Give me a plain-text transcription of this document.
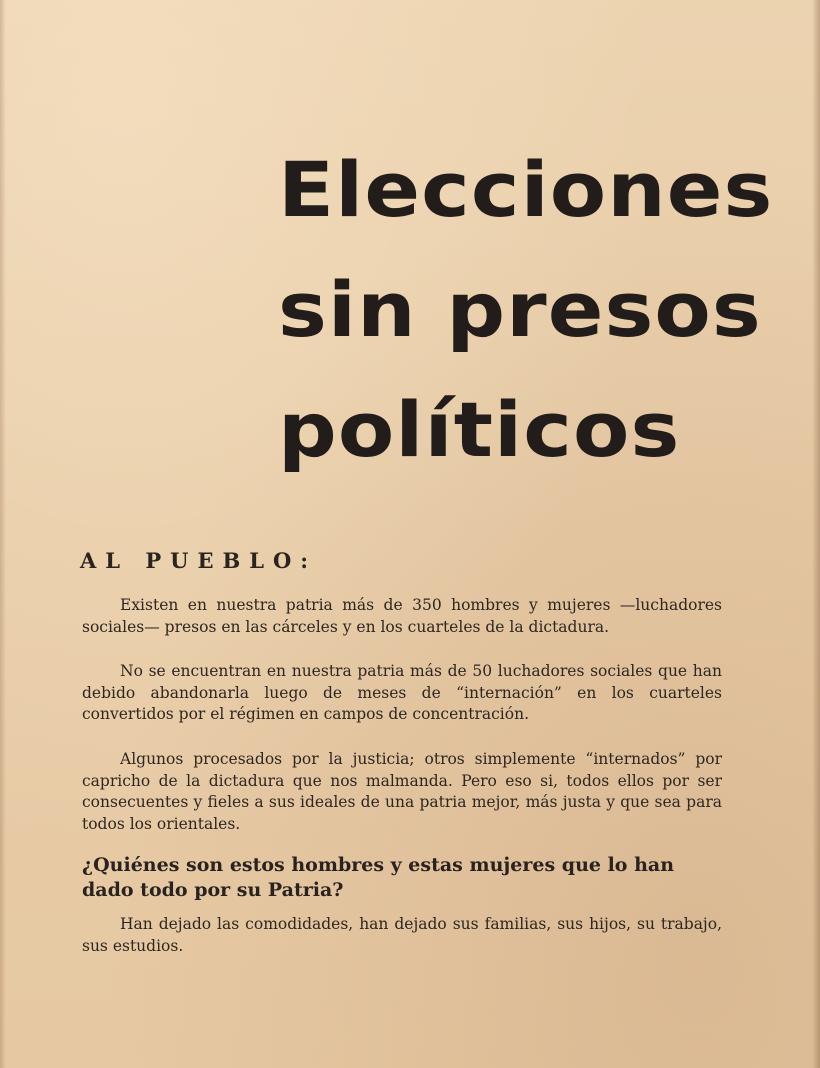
Elecciones
sin presos
políticos
AL PUEBLO:

Existen en nuestra patria más de 350 hombres y mujeres —luchadores sociales— presos en las cárceles y en los cuarteles de la dictadura.

No se encuentran en nuestra patria más de 50 luchadores sociales que han debido abandonarla luego de meses de “internación” en los cuarteles convertidos por el régimen en campos de concentración.

Algunos procesados por la justicia; otros simplemente “internados” por capricho de la dictadura que nos malmanda. Pero eso si, todos ellos por ser consecuentes y fieles a sus ideales de una patria mejor, más justa y que sea para todos los orientales.

¿Quiénes son estos hombres y estas mujeres que lo han dado todo por su Patria?

Han dejado las comodidades, han dejado sus familias, sus hijos, su trabajo, sus estudios.
